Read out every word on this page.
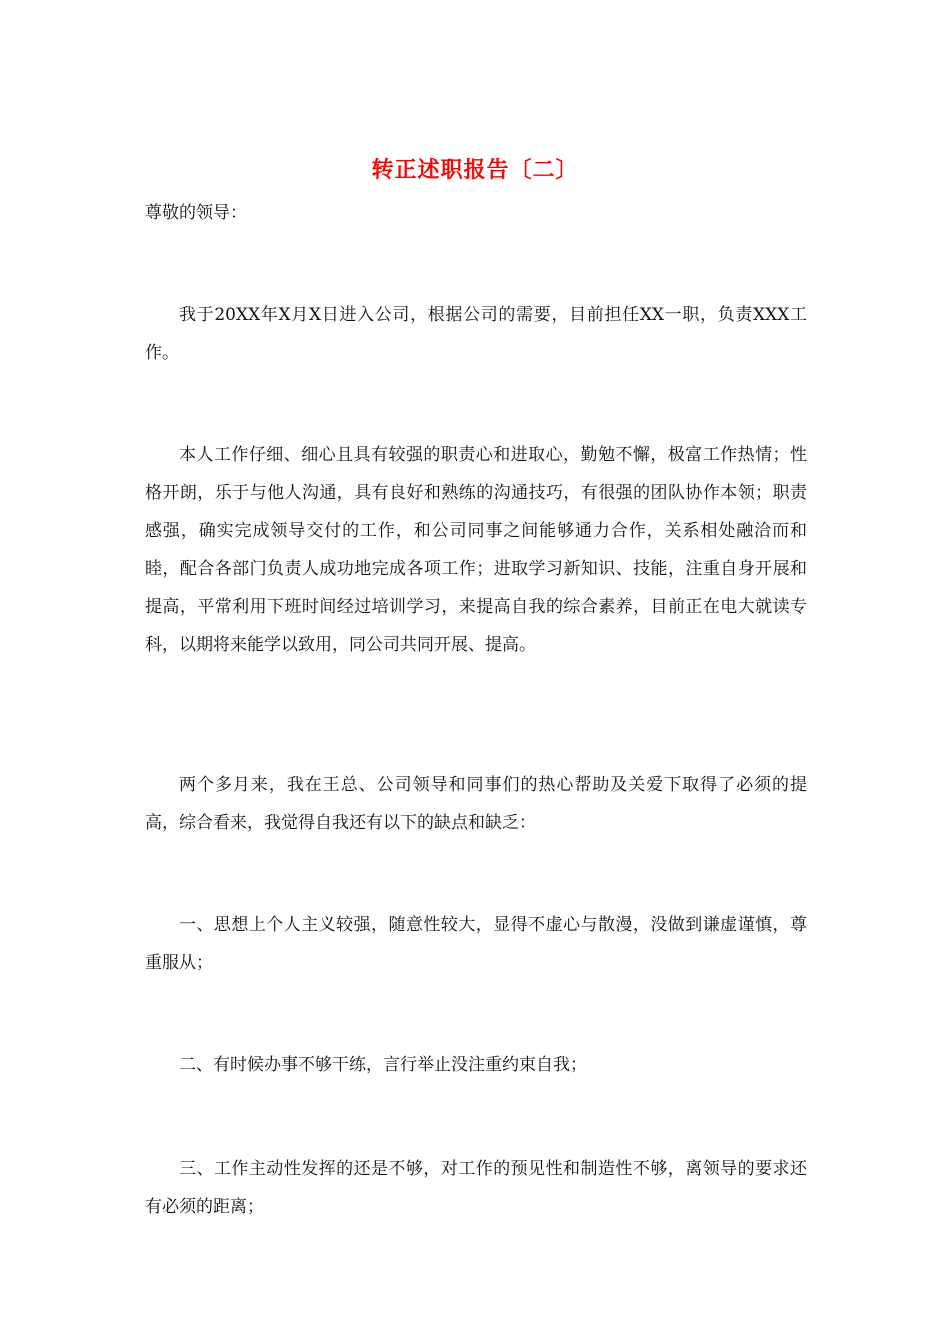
转正述职报告〔二〕
尊敬的领导：

我于20XX年X月X日进入公司，根据公司的需要，目前担任XX一职，负责XXX工作。

本人工作仔细、细心且具有较强的职责心和进取心，勤勉不懈，极富工作热情；性格开朗，乐于与他人沟通，具有良好和熟练的沟通技巧，有很强的团队协作本领；职责感强，确实完成领导交付的工作，和公司同事之间能够通力合作，关系相处融洽而和睦，配合各部门负责人成功地完成各项工作；进取学习新知识、技能，注重自身开展和提高，平常利用下班时间经过培训学习，来提高自我的综合素养，目前正在电大就读专科，以期将来能学以致用，同公司共同开展、提高。

两个多月来，我在王总、公司领导和同事们的热心帮助及关爱下取得了必须的提高，综合看来，我觉得自我还有以下的缺点和缺乏：

一、思想上个人主义较强，随意性较大，显得不虚心与散漫，没做到谦虚谨慎，尊重服从；

二、有时候办事不够干练，言行举止没注重约束自我；

三、工作主动性发挥的还是不够，对工作的预见性和制造性不够，离领导的要求还有必须的距离；
